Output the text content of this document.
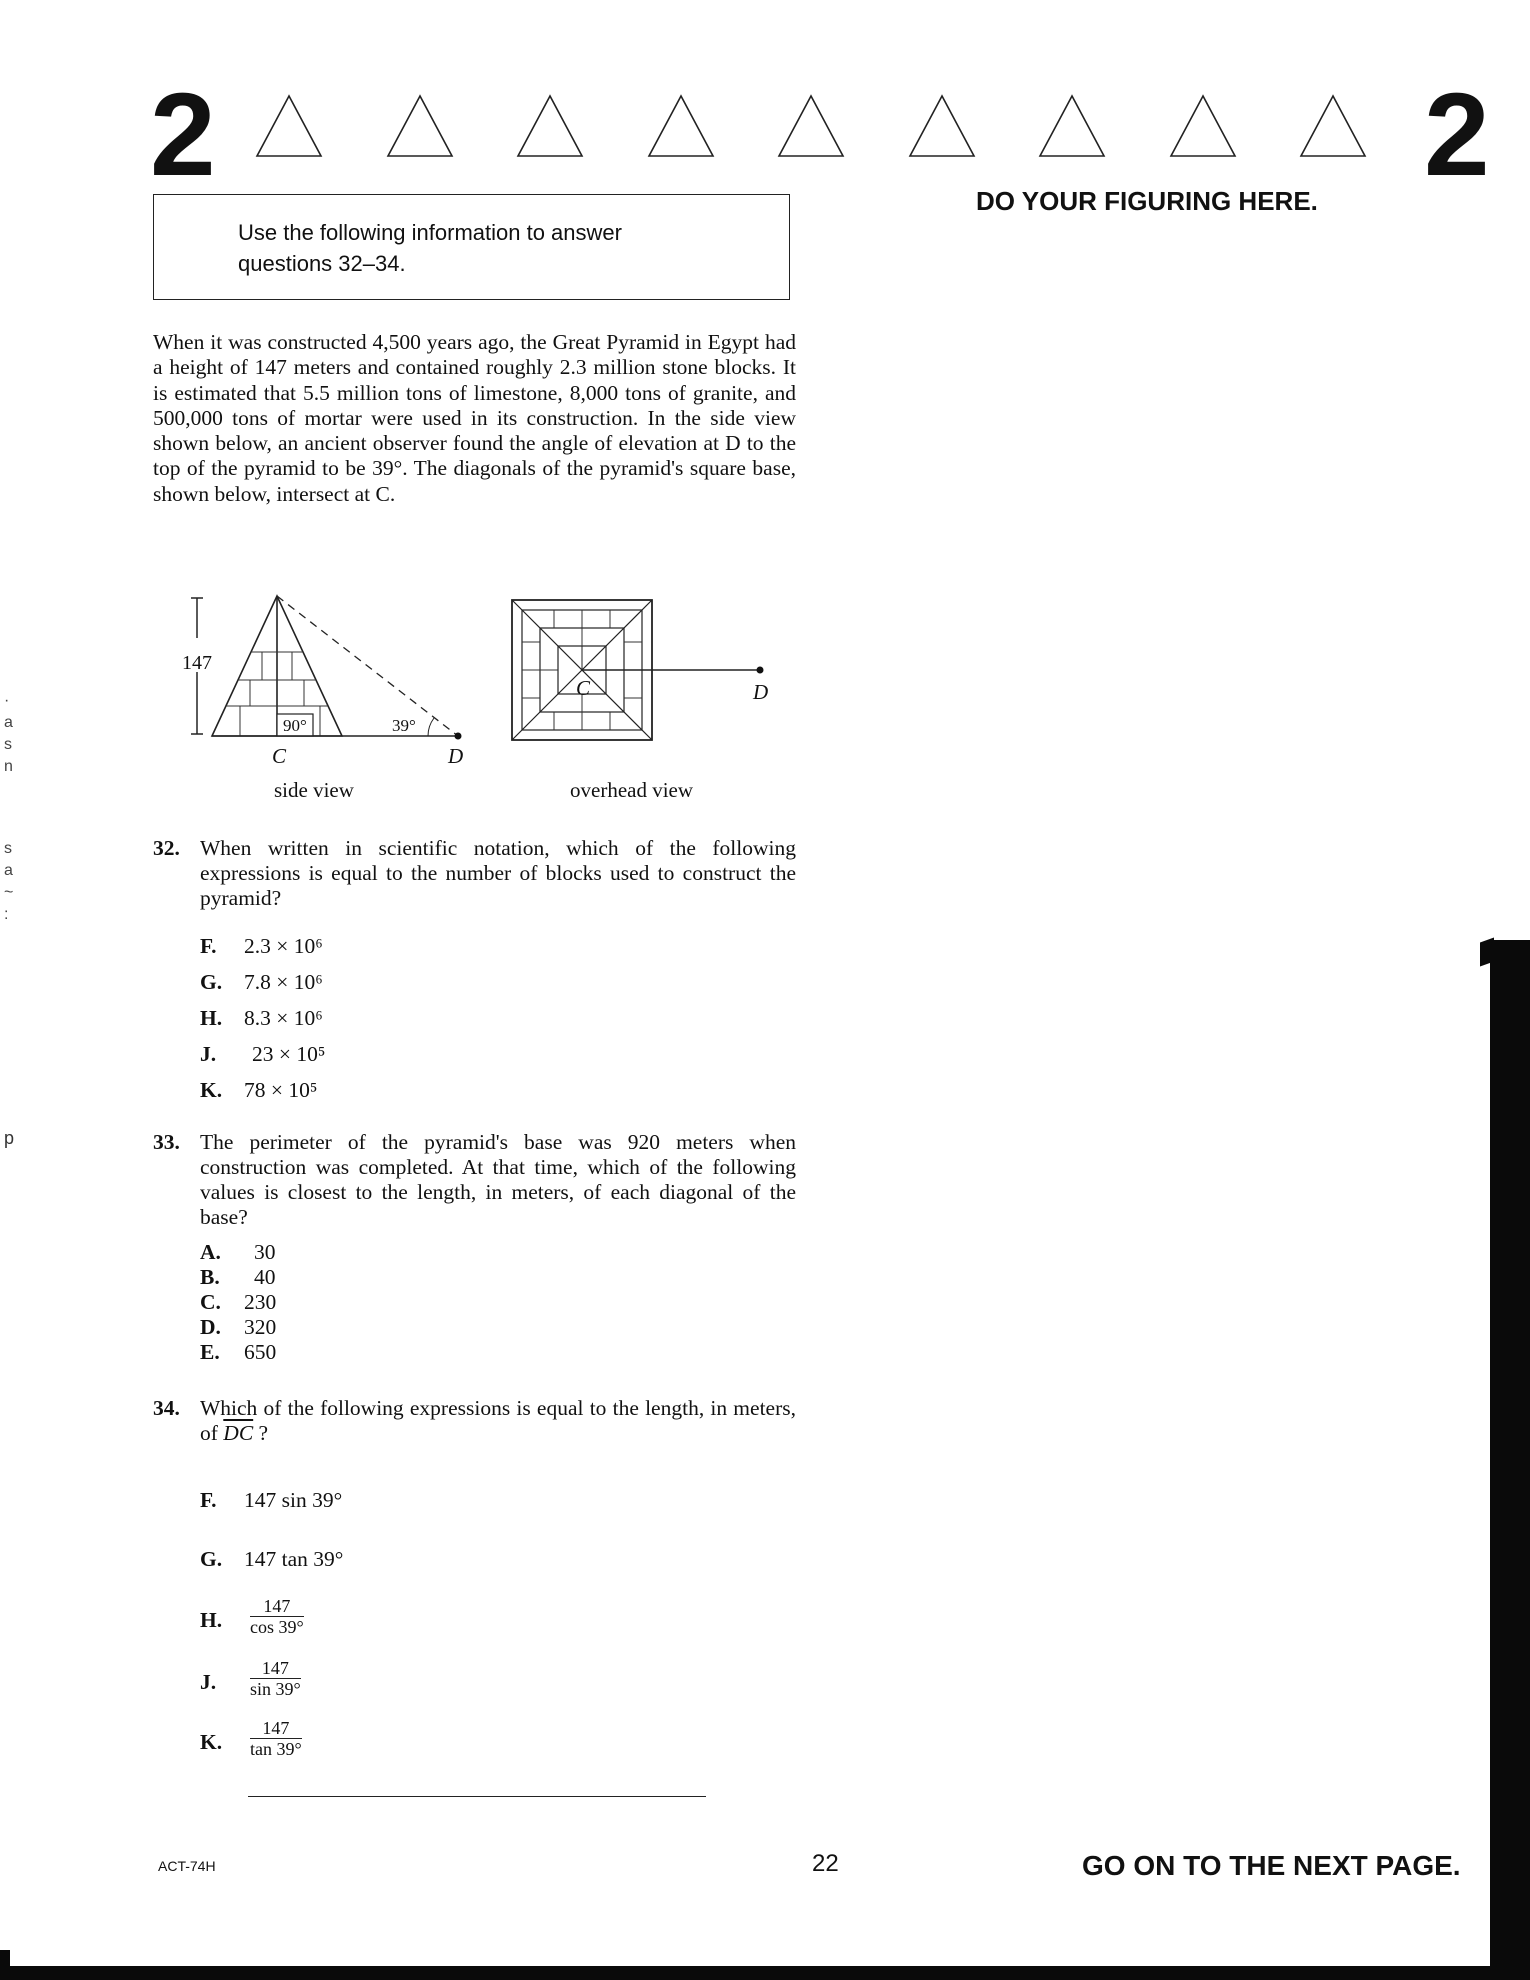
2	2
Use the following information to answer
questions 32–34.
DO YOUR FIGURING HERE.
When it was constructed 4,500 years ago, the Great Pyramid in Egypt had a height of 147 meters and contained roughly 2.3 million stone blocks. It is estimated that 5.5 million tons of limestone, 8,000 tons of granite, and 500,000 tons of mortar were used in its construction. In the side view shown below, an ancient observer found the angle of elevation at D to the top of the pyramid to be 39°. The diagonals of the pyramid's square base, shown below, intersect at C.
147
90°	39°
C	D
side view
C	D
overhead view
32. When written in scientific notation, which of the following expressions is equal to the number of blocks used to construct the pyramid?
F. 2.3 × 10⁶
G. 7.8 × 10⁶
H. 8.3 × 10⁶
J. 23 × 10⁵
K. 78 × 10⁵
33. The perimeter of the pyramid's base was 920 meters when construction was completed. At that time, which of the following values is closest to the length, in meters, of each diagonal of the base?
A. 30
B. 40
C. 230
D. 320
E. 650
34. Which of the following expressions is equal to the length, in meters, of $\overline{DC}$ ?
F. 147 sin 39°
G. 147 tan 39°
H.	$\frac{147}{\cos 39^\circ}$
J.	$\frac{147}{\sin 39^\circ}$
K.	$\frac{147}{\tan 39^\circ}$
ACT-74H	22	GO ON TO THE NEXT PAGE.
·
a
s
n
s
a
~
:
p
